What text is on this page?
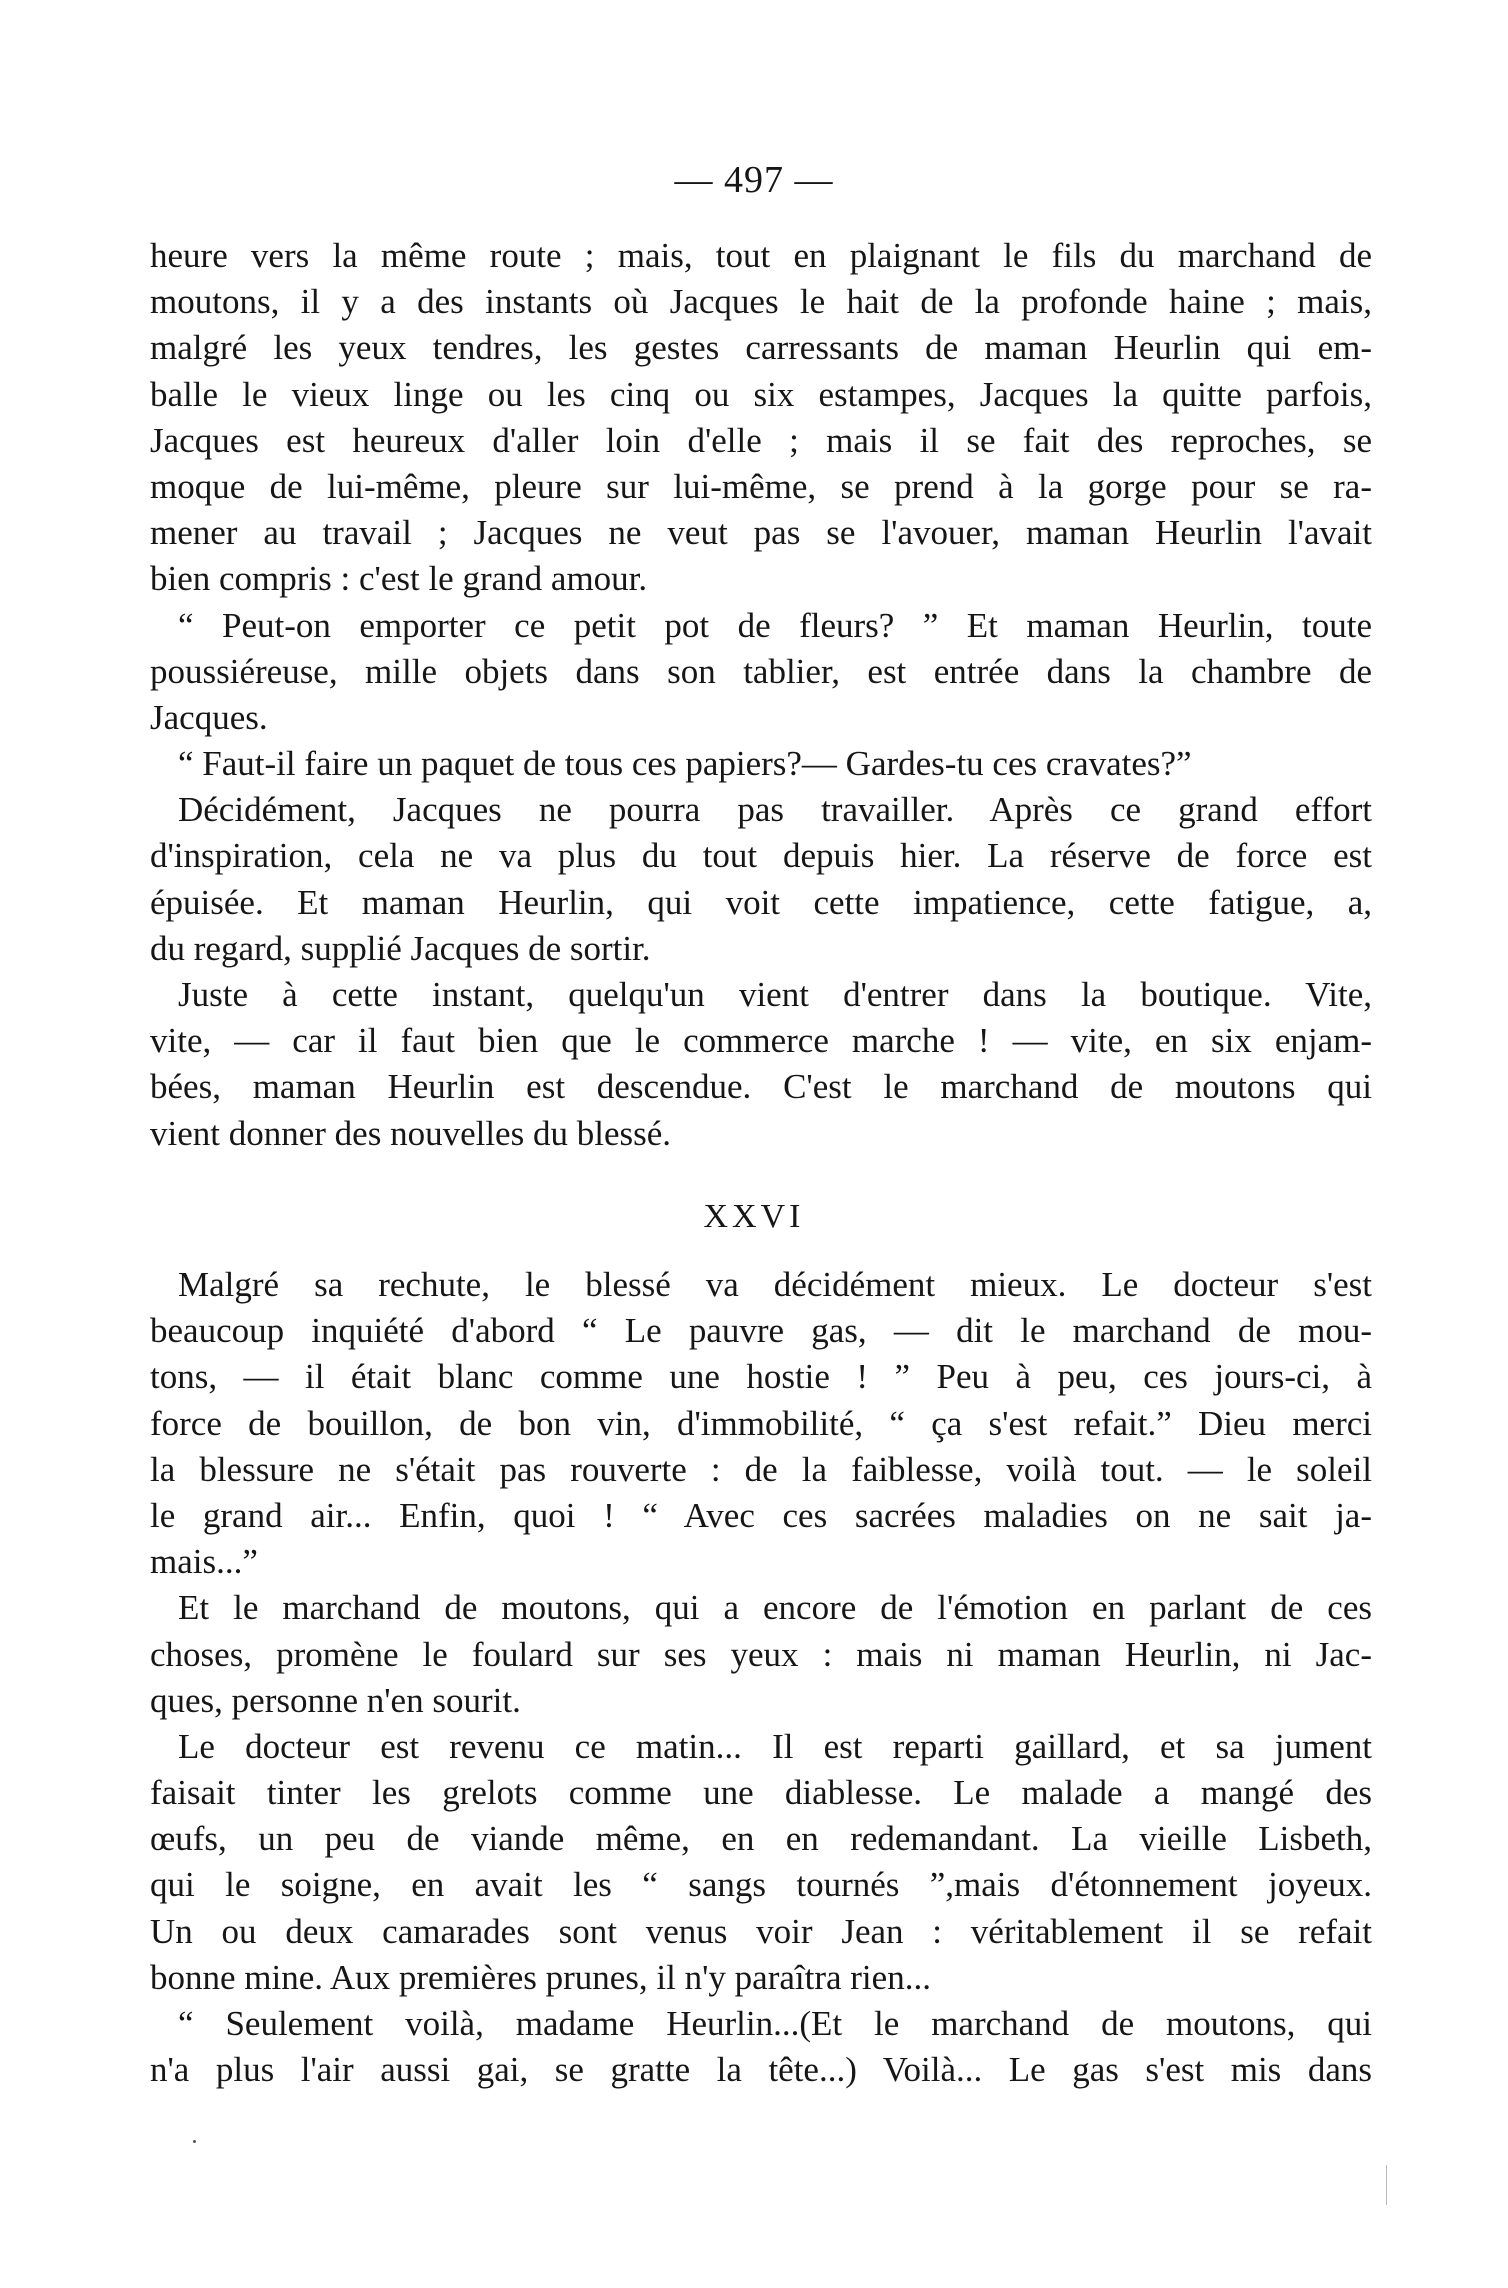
— 497 —
heure vers la même route ; mais, tout en plaignant le fils du marchand de
moutons, il y a des instants où Jacques le hait de la profonde haine ; mais,
malgré les yeux tendres, les gestes carressants de maman Heurlin qui em-
balle le vieux linge ou les cinq ou six estampes, Jacques la quitte parfois,
Jacques est heureux d'aller loin d'elle ; mais il se fait des reproches, se
moque de lui-même, pleure sur lui-même, se prend à la gorge pour se ra-
mener au travail ; Jacques ne veut pas se l'avouer, maman Heurlin l'avait
bien compris : c'est le grand amour.
“ Peut-on emporter ce petit pot de fleurs? ” Et maman Heurlin, toute
poussiéreuse, mille objets dans son tablier, est entrée dans la chambre de
Jacques.
“ Faut-il faire un paquet de tous ces papiers?— Gardes-tu ces cravates?”
Décidément, Jacques ne pourra pas travailler. Après ce grand effort
d'inspiration, cela ne va plus du tout depuis hier. La réserve de force est
épuisée. Et maman Heurlin, qui voit cette impatience, cette fatigue, a,
du regard, supplié Jacques de sortir.
Juste à cette instant, quelqu'un vient d'entrer dans la boutique. Vite,
vite, — car il faut bien que le commerce marche ! — vite, en six enjam-
bées, maman Heurlin est descendue. C'est le marchand de moutons qui
vient donner des nouvelles du blessé.
XXVI
Malgré sa rechute, le blessé va décidément mieux. Le docteur s'est
beaucoup inquiété d'abord “ Le pauvre gas, — dit le marchand de mou-
tons, — il était blanc comme une hostie ! ” Peu à peu, ces jours-ci, à
force de bouillon, de bon vin, d'immobilité, “ ça s'est refait.” Dieu merci
la blessure ne s'était pas rouverte : de la faiblesse, voilà tout. — le soleil
le grand air... Enfin, quoi ! “ Avec ces sacrées maladies on ne sait ja-
mais...”
Et le marchand de moutons, qui a encore de l'émotion en parlant de ces
choses, promène le foulard sur ses yeux : mais ni maman Heurlin, ni Jac-
ques, personne n'en sourit.
Le docteur est revenu ce matin... Il est reparti gaillard, et sa jument
faisait tinter les grelots comme une diablesse. Le malade a mangé des
œufs, un peu de viande même, en en redemandant. La vieille Lisbeth,
qui le soigne, en avait les “ sangs tournés ”,mais d'étonnement joyeux.
Un ou deux camarades sont venus voir Jean : véritablement il se refait
bonne mine. Aux premières prunes, il n'y paraîtra rien...
“ Seulement voilà, madame Heurlin...(Et le marchand de moutons, qui
n'a plus l'air aussi gai, se gratte la tête...) Voilà... Le gas s'est mis dans
